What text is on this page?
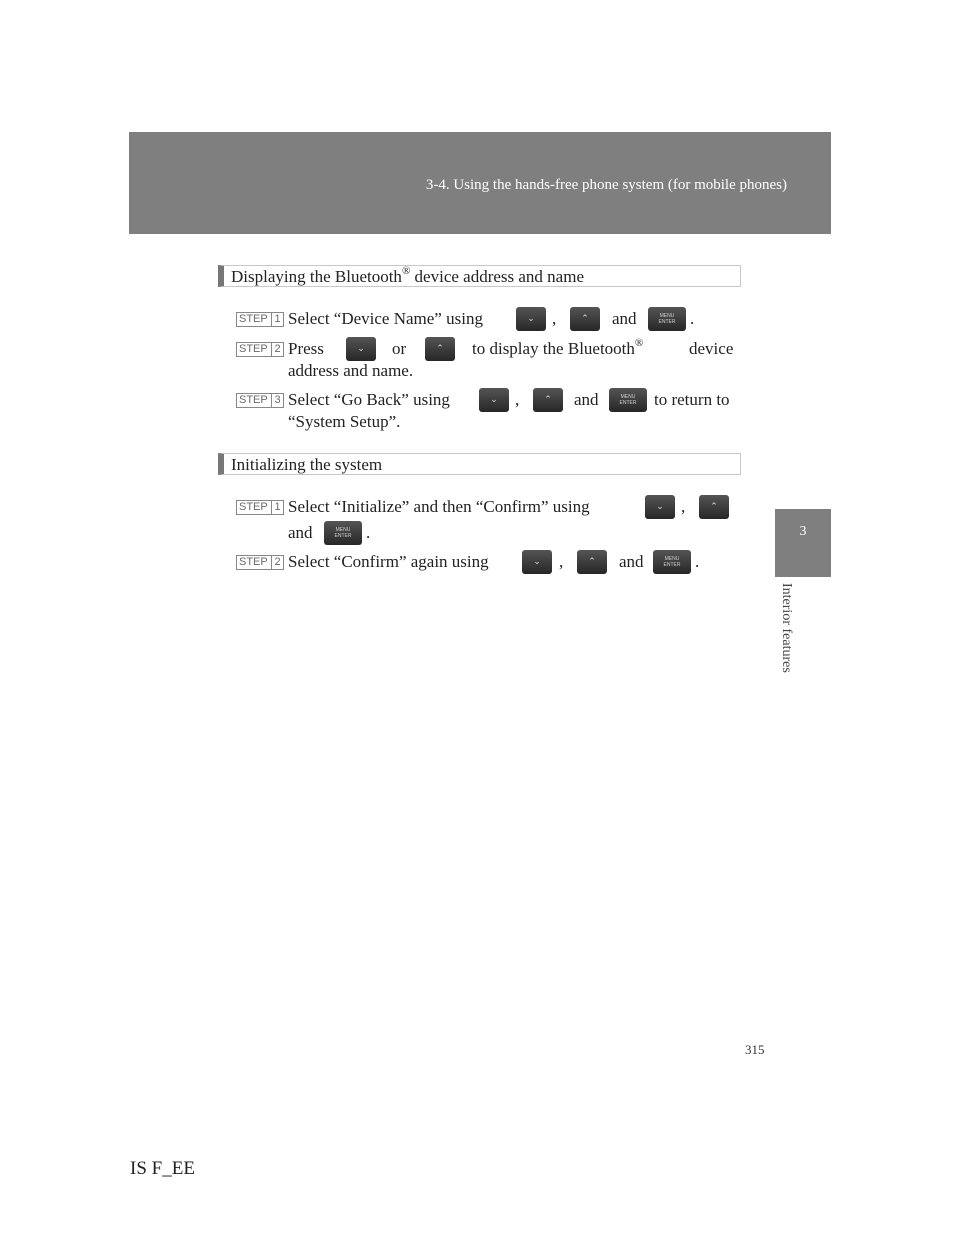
3-4. Using the hands-free phone system (for mobile phones)
3
Interior features
Displaying the Bluetooth® device address and name
STEP 1 Select “Device Name” using	⌄	,	⌃	and	MENU
ENTER .
STEP 2 Press	⌄	or	⌃	to display the Bluetooth®	device
address and name.
STEP 3 Select “Go Back” using	⌄	,	⌃	and	MENU
ENTER	to return to
“System Setup”.
Initializing the system
STEP 1 Select “Initialize” and then “Confirm” using	⌄	,	⌃
and	MENU
ENTER .
STEP 2 Select “Confirm” again using	⌄	,	⌃	and	MENU
ENTER .
315
IS F_EE
